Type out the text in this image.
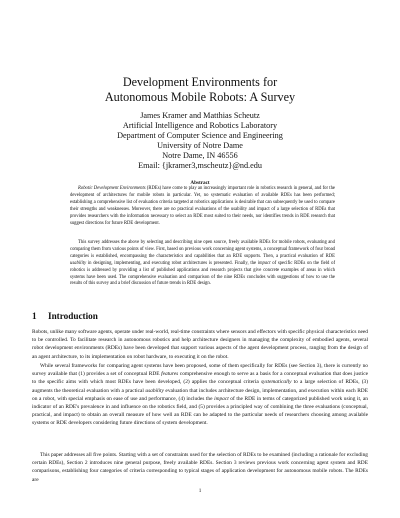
Development Environments for
Autonomous Mobile Robots: A Survey
James Kramer and Matthias Scheutz
Artificial Intelligence and Robotics Laboratory
Department of Computer Science and Engineering
University of Notre Dame
Notre Dame, IN 46556
Email: {jkramer3,mscheutz}@nd.edu
Abstract
Robotic Development Environments (RDEs) have come to play an increasingly important role in robotics research in general, and for the development of architectures for mobile robots in particular. Yet, no systematic evaluation of available RDEs has been performed; establishing a comprehensive list of evaluation criteria targeted at robotics applications is desirable that can subsequently be used to compare their strengths and weaknesses. Moreover, there are no practical evaluations of the usability and impact of a large selection of RDEs that provides researchers with the information necessary to select an RDE most suited to their needs, nor identifies trends in RDE research that suggest directions for future RDE development.
This survey addresses the above by selecting and describing nine open source, freely available RDEs for mobile robots, evaluating and comparing them from various points of view. First, based on previous work concerning agent systems, a conceptual framework of four broad categories is established, encompassing the characteristics and capabilities that an RDE supports. Then, a practical evaluation of RDE usability in designing, implementing, and executing robot architectures is presented. Finally, the impact of specific RDEs on the field of robotics is addressed by providing a list of published applications and research projects that give concrete examples of areas in which systems have been used. The comprehensive evaluation and comparison of the nine RDEs concludes with suggestions of how to use the results of this survey and a brief discussion of future trends in RDE design.
1 Introduction
Robots, unlike many software agents, operate under real-world, real-time constraints where sensors and effectors with specific physical characteristics need to be controlled. To facilitate research in autonomous robotics and help architecture designers in managing the complexity of embodied agents, several robot development environments (RDEs) have been developed that support various aspects of the agent development process, ranging from the design of an agent architecture, to its implementation on robot hardware, to executing it on the robot.
While several frameworks for comparing agent systems have been proposed, some of them specifically for RDEs (see Section 3), there is currently no survey available that (1) provides a set of conceptual RDE features comprehensive enough to serve as a basis for a conceptual evaluation that does justice to the specific aims with which most RDEs have been developed, (2) applies the conceptual criteria systematically to a large selection of RDEs, (3) augments the theoretical evaluation with a practical usability evaluation that includes architecture design, implementation, and execution within each RDE on a robot, with special emphasis on ease of use and performance, (4) includes the impact of the RDE in terms of categorized published work using it, an indicator of an RDE's prevalence in and influence on the robotics field, and (5) provides a principled way of combining the three evaluations (conceptual, practical, and impact) to obtain an overall measure of how well an RDE can be adapted to the particular needs of researchers choosing among available systems or RDE developers considering future directions of system development.
This paper addresses all five points. Starting with a set of constraints used for the selection of RDEs to be examined (including a rationale for excluding certain RDEs), Section 2 introduces nine general purpose, freely available RDEs. Section 3 reviews previous work concerning agent system and RDE comparisons, establishing four categories of criteria corresponding to typical stages of application development for autonomous mobile robots. The RDEs are
1
